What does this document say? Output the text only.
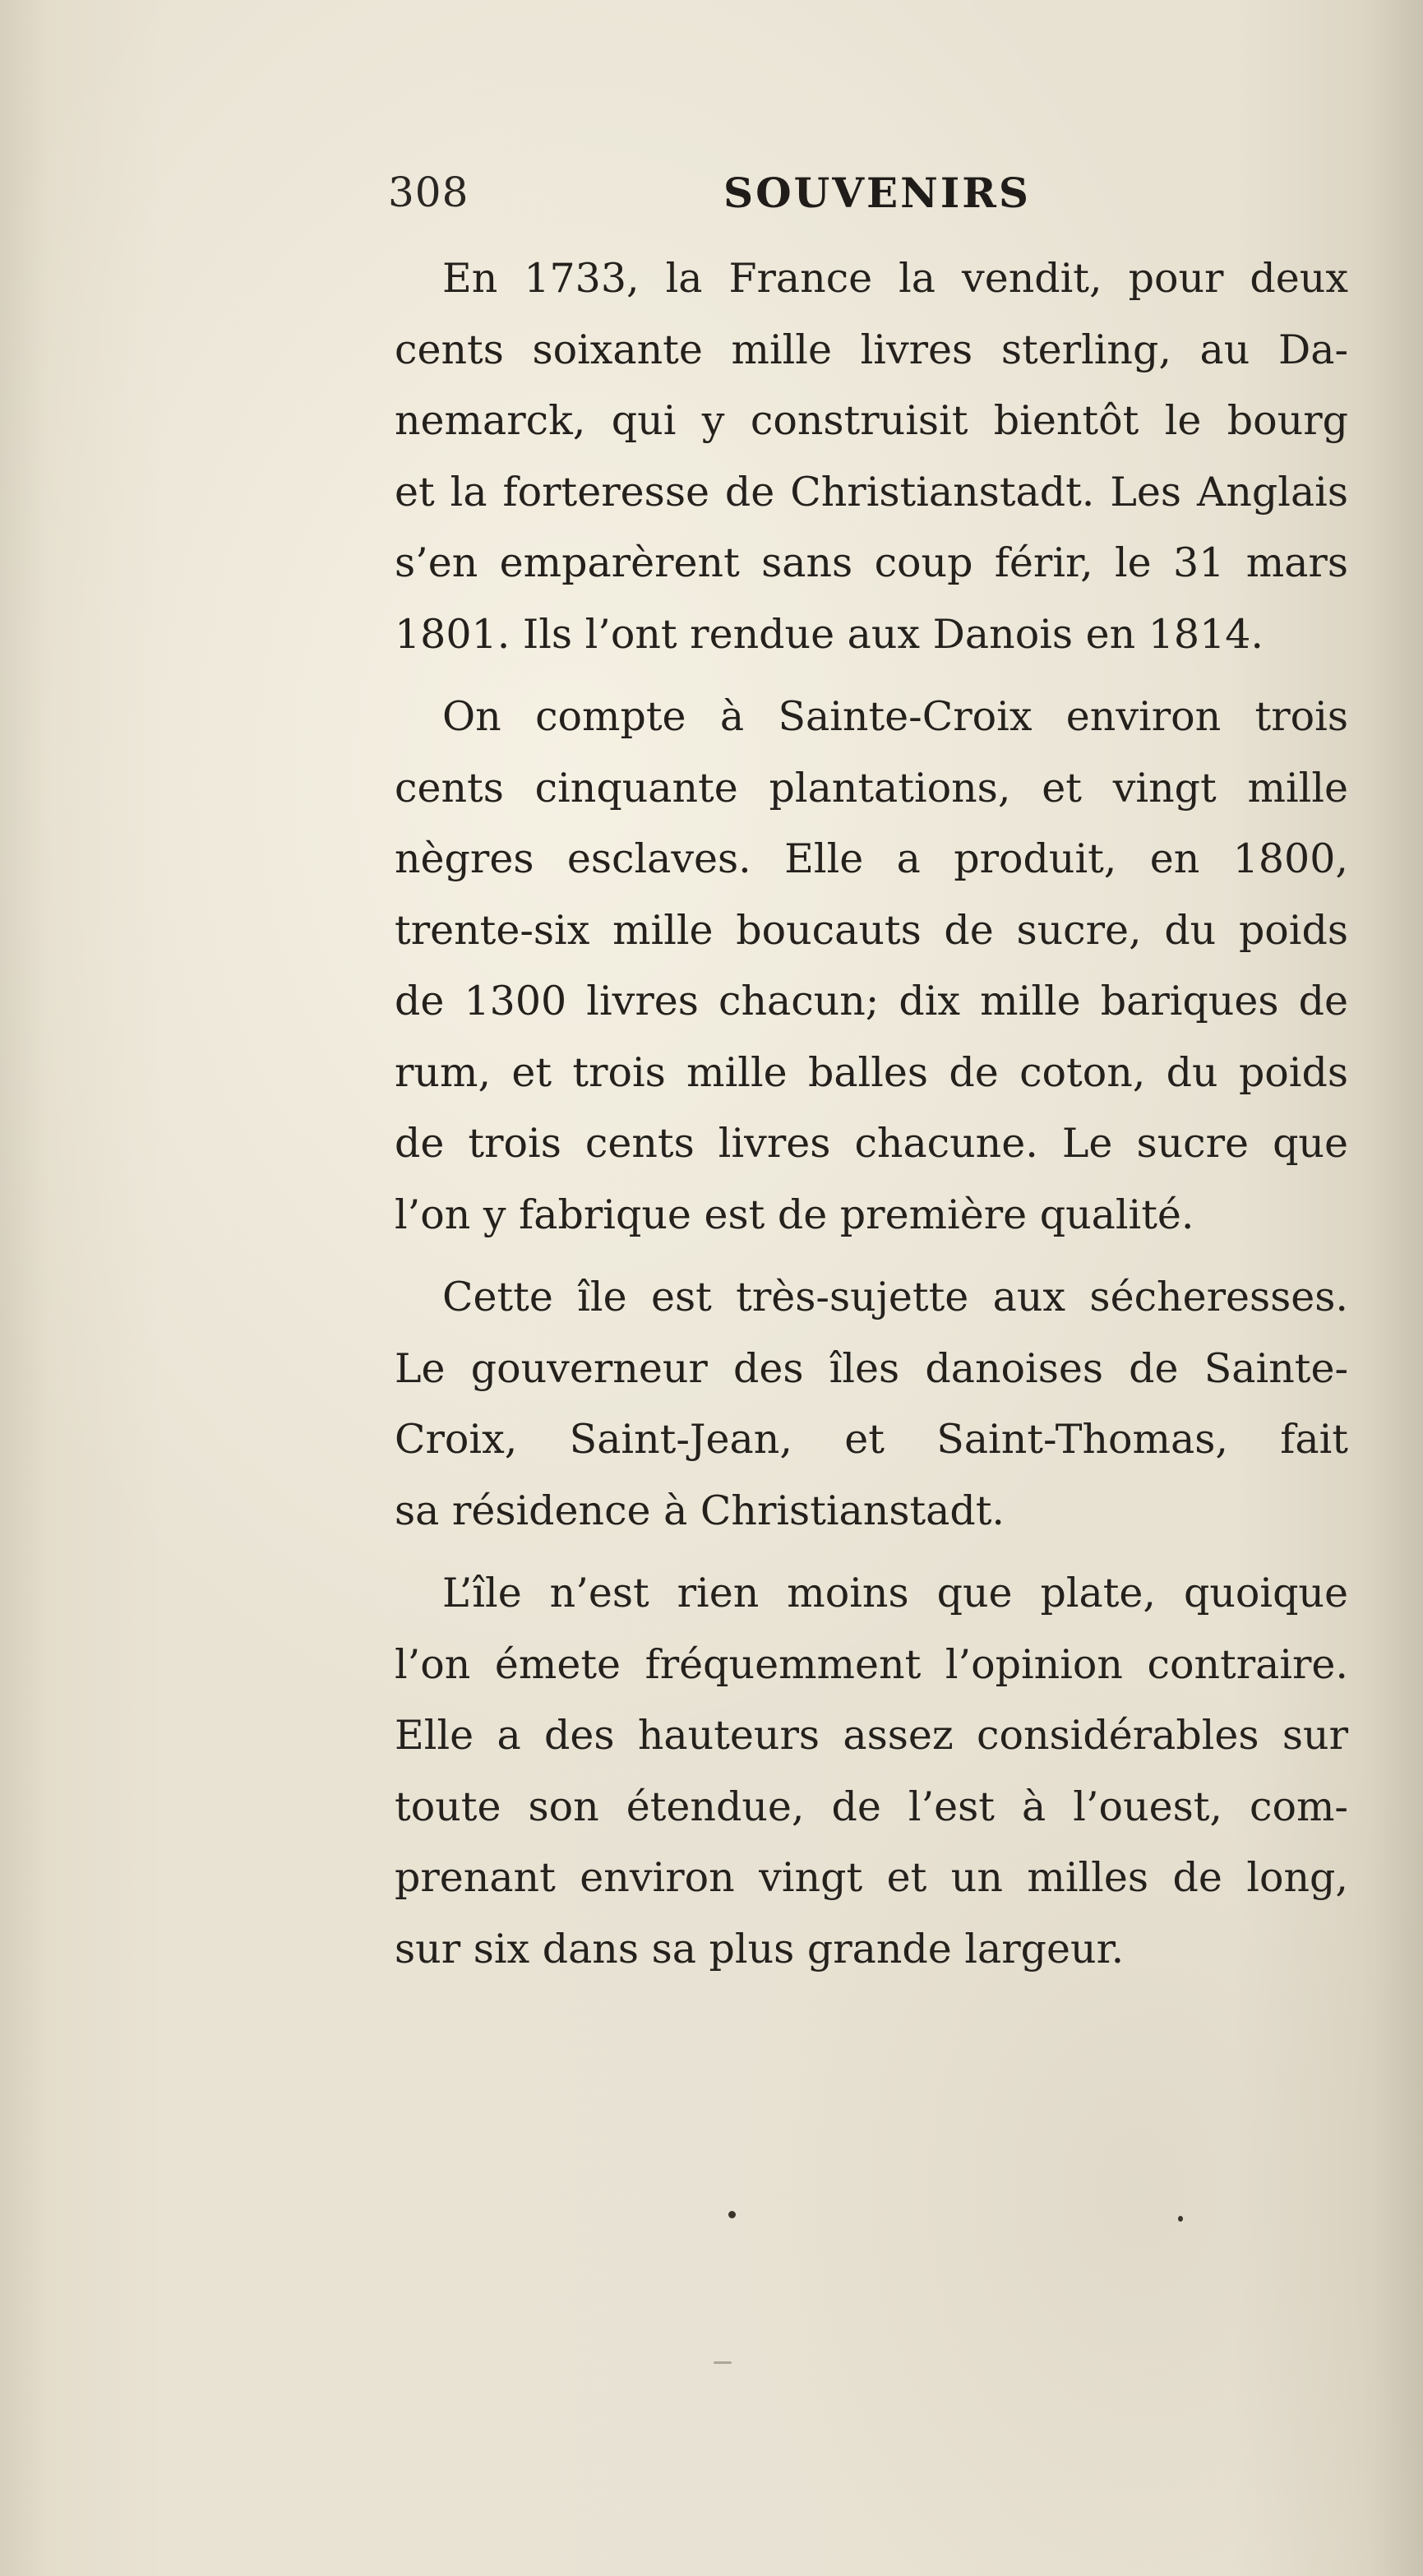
308	SOUVENIRS
En 1733, la France la vendit, pour deux
cents soixante mille livres sterling, au Da-
nemarck, qui y construisit bientôt le bourg
et la forteresse de Christianstadt. Les Anglais
s’en emparèrent sans coup férir, le 31 mars
1801. Ils l’ont rendue aux Danois en 1814.
On compte à Sainte-Croix environ trois
cents cinquante plantations, et vingt mille
nègres esclaves. Elle a produit, en 1800,
trente-six mille boucauts de sucre, du poids
de 1300 livres chacun; dix mille bariques de
rum, et trois mille balles de coton, du poids
de trois cents livres chacune. Le sucre que
l’on y fabrique est de première qualité.
Cette île est très-sujette aux sécheresses.
Le gouverneur des îles danoises de Sainte-
Croix, Saint-Jean, et Saint-Thomas, fait
sa résidence à Christianstadt.
L’île n’est rien moins que plate, quoique
l’on émete fréquemment l’opinion contraire.
Elle a des hauteurs assez considérables sur
toute son étendue, de l’est à l’ouest, com-
prenant environ vingt et un milles de long,
sur six dans sa plus grande largeur.
